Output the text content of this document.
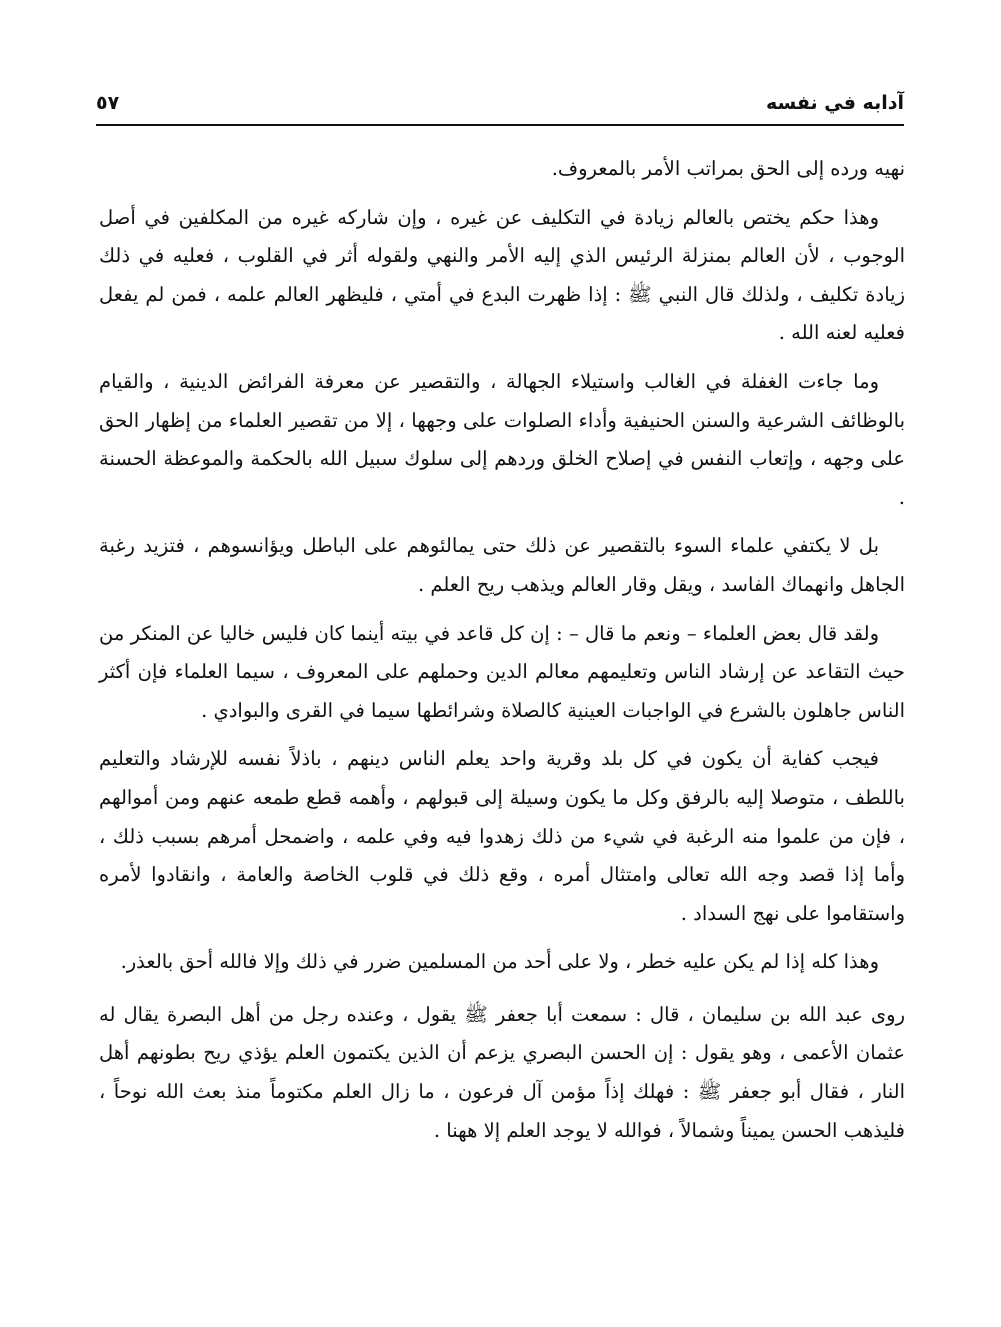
آدابه في نفسه
٥٧

نهيه ورده إلى الحق بمراتب الأمر بالمعروف.

وهذا حكم يختص بالعالم زيادة في التكليف عن غيره ، وإن شاركه غيره من المكلفين في أصل الوجوب ، لأن العالم بمنزلة الرئيس الذي إليه الأمر والنهي ولقوله أثر في القلوب ، فعليه في ذلك زيادة تكليف ، ولذلك قال النبي ﷺ : إذا ظهرت البدع في أمتي ، فليظهر العالم علمه ، فمن لم يفعل فعليه لعنه الله .

وما جاءت الغفلة في الغالب واستيلاء الجهالة ، والتقصير عن معرفة الفرائض الدينية ، والقيام بالوظائف الشرعية والسنن الحنيفية وأداء الصلوات على وجهها ، إلا من تقصير العلماء من إظهار الحق على وجهه ، وإتعاب النفس في إصلاح الخلق وردهم إلى سلوك سبيل الله بالحكمة والموعظة الحسنة .

بل لا يكتفي علماء السوء بالتقصير عن ذلك حتى يمالئوهم على الباطل ويؤانسوهم ، فتزيد رغبة الجاهل وانهماك الفاسد ، ويقل وقار العالم ويذهب ريح العلم .

ولقد قال بعض العلماء – ونعم ما قال – : إن كل قاعد في بيته أينما كان فليس خاليا عن المنكر من حيث التقاعد عن إرشاد الناس وتعليمهم معالم الدين وحملهم على المعروف ، سيما العلماء فإن أكثر الناس جاهلون بالشرع في الواجبات العينية كالصلاة وشرائطها سيما في القرى والبوادي .

فيجب كفاية أن يكون في كل بلد وقرية واحد يعلم الناس دينهم ، باذلاً نفسه للإرشاد والتعليم باللطف ، متوصلا إليه بالرفق وكل ما يكون وسيلة إلى قبولهم ، وأهمه قطع طمعه عنهم ومن أموالهم ، فإن من علموا منه الرغبة في شيء من ذلك زهدوا فيه وفي علمه ، واضمحل أمرهم بسبب ذلك ، وأما إذا قصد وجه الله تعالى وامتثال أمره ، وقع ذلك في قلوب الخاصة والعامة ، وانقادوا لأمره واستقاموا على نهج السداد .

وهذا كله إذا لم يكن عليه خطر ، ولا على أحد من المسلمين ضرر في ذلك وإلا فالله أحق بالعذر.

روى عبد الله بن سليمان ، قال : سمعت أبا جعفر ﷺ يقول ، وعنده رجل من أهل البصرة يقال له عثمان الأعمى ، وهو يقول : إن الحسن البصري يزعم أن الذين يكتمون العلم يؤذي ريح بطونهم أهل النار ، فقال أبو جعفر ﷺ : فهلك إذاً مؤمن آل فرعون ، ما زال العلم مكتوماً منذ بعث الله نوحاً ، فليذهب الحسن يميناً وشمالاً ، فوالله لا يوجد العلم إلا ههنا .
